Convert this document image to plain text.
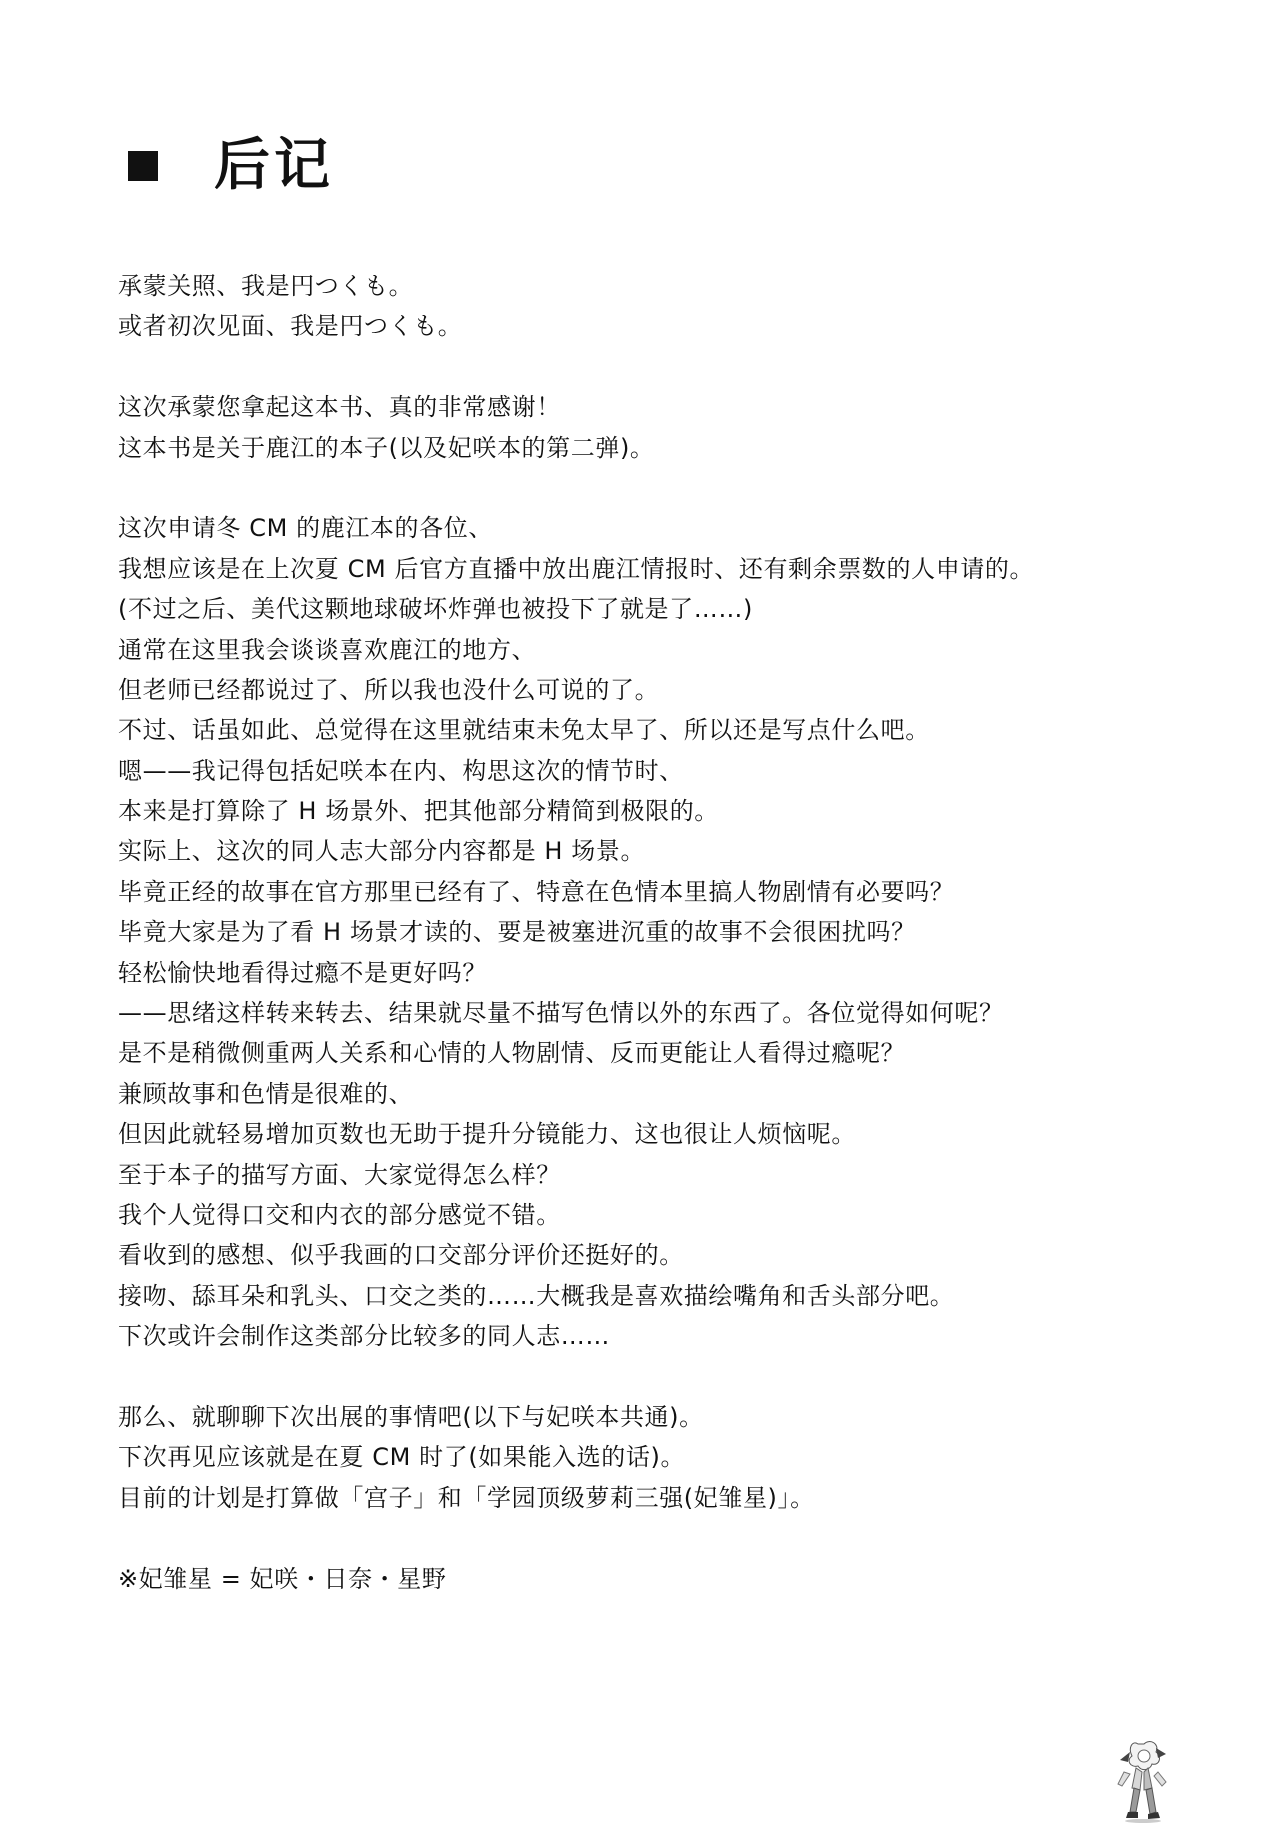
后记
承蒙关照、我是円つくも。
或者初次见面、我是円つくも。
这次承蒙您拿起这本书、真的非常感谢！
这本书是关于鹿江的本子(以及妃咲本的第二弹)。
这次申请冬 CM 的鹿江本的各位、
我想应该是在上次夏 CM 后官方直播中放出鹿江情报时、还有剩余票数的人申请的。
(不过之后、美代这颗地球破坏炸弹也被投下了就是了……)
通常在这里我会谈谈喜欢鹿江的地方、
但老师已经都说过了、所以我也没什么可说的了。
不过、话虽如此、总觉得在这里就结束未免太早了、所以还是写点什么吧。
嗯——我记得包括妃咲本在内、构思这次的情节时、
本来是打算除了 H 场景外、把其他部分精简到极限的。
实际上、这次的同人志大部分内容都是 H 场景。
毕竟正经的故事在官方那里已经有了、特意在色情本里搞人物剧情有必要吗？
毕竟大家是为了看 H 场景才读的、要是被塞进沉重的故事不会很困扰吗？
轻松愉快地看得过瘾不是更好吗？
——思绪这样转来转去、结果就尽量不描写色情以外的东西了。各位觉得如何呢？
是不是稍微侧重两人关系和心情的人物剧情、反而更能让人看得过瘾呢？
兼顾故事和色情是很难的、
但因此就轻易增加页数也无助于提升分镜能力、这也很让人烦恼呢。
至于本子的描写方面、大家觉得怎么样？
我个人觉得口交和内衣的部分感觉不错。
看收到的感想、似乎我画的口交部分评价还挺好的。
接吻、舔耳朵和乳头、口交之类的……大概我是喜欢描绘嘴角和舌头部分吧。
下次或许会制作这类部分比较多的同人志……
那么、就聊聊下次出展的事情吧(以下与妃咲本共通)。
下次再见应该就是在夏 CM 时了(如果能入选的话)。
目前的计划是打算做「宫子」和「学园顶级萝莉三强(妃雏星)」。
※妃雏星 = 妃咲・日奈・星野
